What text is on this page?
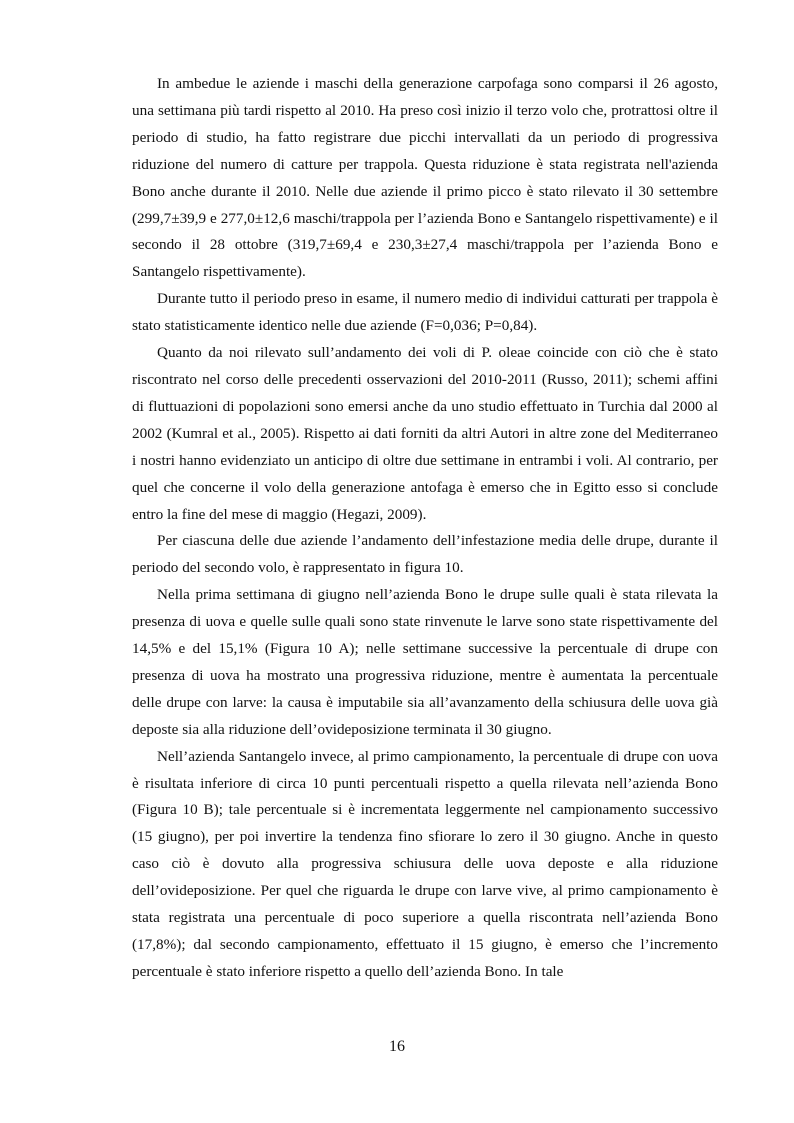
In ambedue le aziende i maschi della generazione carpofaga sono comparsi il 26 agosto, una settimana più tardi rispetto al 2010. Ha preso così inizio il terzo volo che, protrattosi oltre il periodo di studio, ha fatto registrare due picchi intervallati da un periodo di progressiva riduzione del numero di catture per trappola. Questa riduzione è stata registrata nell'azienda Bono anche durante il 2010. Nelle due aziende il primo picco è stato rilevato il 30 settembre (299,7±39,9 e 277,0±12,6 maschi/trappola per l’azienda Bono e Santangelo rispettivamente) e il secondo il 28 ottobre (319,7±69,4 e 230,3±27,4 maschi/trappola per l’azienda Bono e Santangelo rispettivamente).

Durante tutto il periodo preso in esame, il numero medio di individui catturati per trappola è stato statisticamente identico nelle due aziende (F=0,036; P=0,84).

Quanto da noi rilevato sull’andamento dei voli di P. oleae coincide con ciò che è stato riscontrato nel corso delle precedenti osservazioni del 2010-2011 (Russo, 2011); schemi affini di fluttuazioni di popolazioni sono emersi anche da uno studio effettuato in Turchia dal 2000 al 2002 (Kumral et al., 2005). Rispetto ai dati forniti da altri Autori in altre zone del Mediterraneo i nostri hanno evidenziato un anticipo di oltre due settimane in entrambi i voli. Al contrario, per quel che concerne il volo della generazione antofaga è emerso che in Egitto esso si conclude entro la fine del mese di maggio (Hegazi, 2009).

Per ciascuna delle due aziende l’andamento dell’infestazione media delle drupe, durante il periodo del secondo volo, è rappresentato in figura 10.

Nella prima settimana di giugno nell’azienda Bono le drupe sulle quali è stata rilevata la presenza di uova e quelle sulle quali sono state rinvenute le larve sono state rispettivamente del 14,5% e del 15,1% (Figura 10 A); nelle settimane successive la percentuale di drupe con presenza di uova ha mostrato una progressiva riduzione, mentre è aumentata la percentuale delle drupe con larve: la causa è imputabile sia all’avanzamento della schiusura delle uova già deposte sia alla riduzione dell’ovideposizione terminata il 30 giugno.

Nell’azienda Santangelo invece, al primo campionamento, la percentuale di drupe con uova è risultata inferiore di circa 10 punti percentuali rispetto a quella rilevata nell’azienda Bono (Figura 10 B); tale percentuale si è incrementata leggermente nel campionamento successivo (15 giugno), per poi invertire la tendenza fino sfiorare lo zero il 30 giugno. Anche in questo caso ciò è dovuto alla progressiva schiusura delle uova deposte e alla riduzione dell’ovideposizione. Per quel che riguarda le drupe con larve vive, al primo campionamento è stata registrata una percentuale di poco superiore a quella riscontrata nell’azienda Bono (17,8%); dal secondo campionamento, effettuato il 15 giugno, è emerso che l’incremento percentuale è stato inferiore rispetto a quello dell’azienda Bono. In tale

16
